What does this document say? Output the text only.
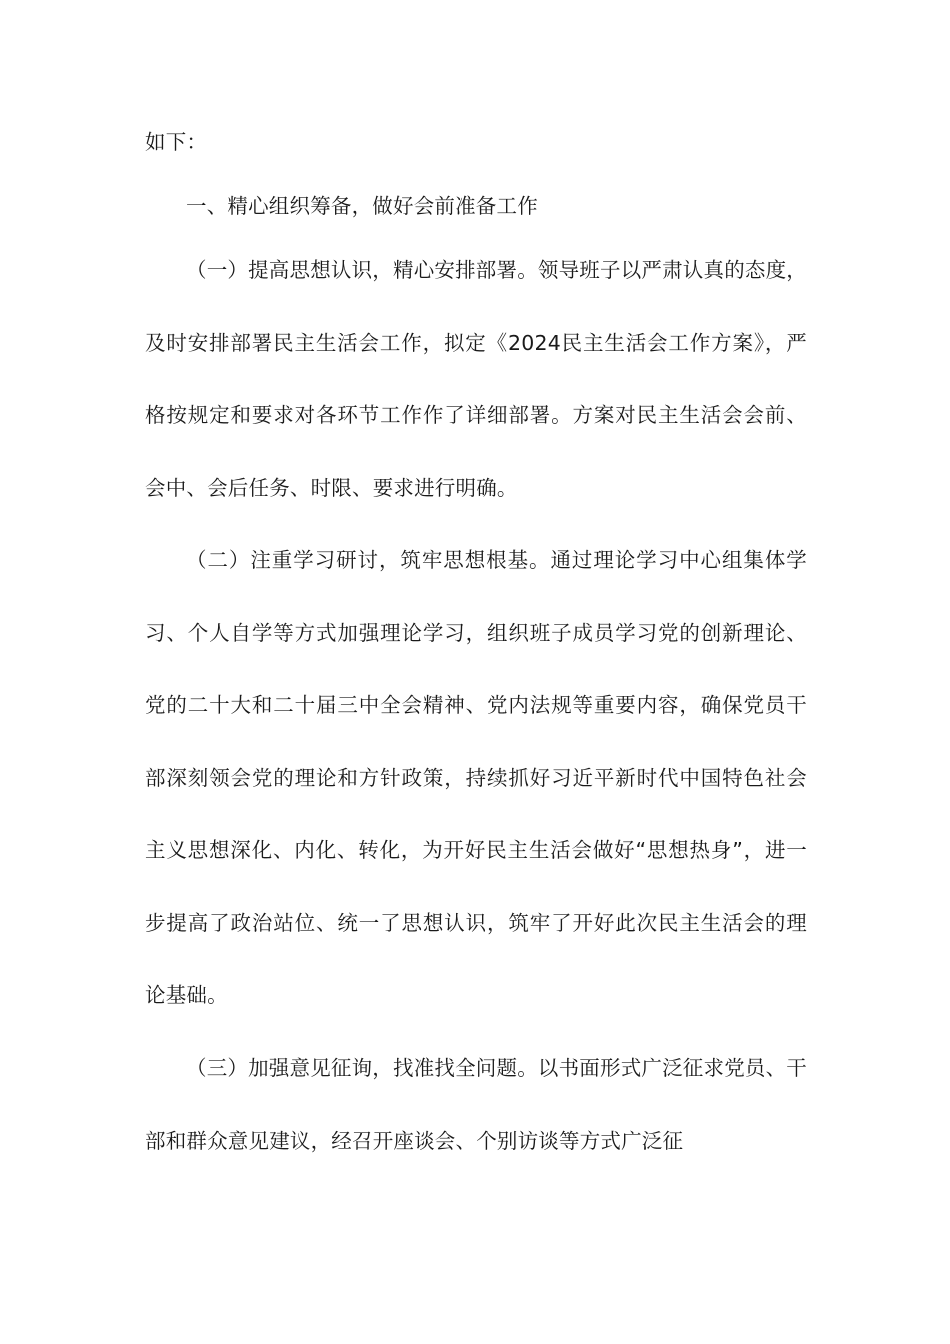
如下：
一、精心组织筹备，做好会前准备工作
（一）提高思想认识，精心安排部署。领导班子以严肃认真的态度，及时安排部署民主生活会工作，拟定《2024民主生活会工作方案》，严格按规定和要求对各环节工作作了详细部署。方案对民主生活会会前、会中、会后任务、时限、要求进行明确。
（二）注重学习研讨，筑牢思想根基。通过理论学习中心组集体学习、个人自学等方式加强理论学习，组织班子成员学习党的创新理论、党的二十大和二十届三中全会精神、党内法规等重要内容，确保党员干部深刻领会党的理论和方针政策，持续抓好习近平新时代中国特色社会主义思想深化、内化、转化，为开好民主生活会做好“思想热身”，进一步提高了政治站位、统一了思想认识，筑牢了开好此次民主生活会的理论基础。
（三）加强意见征询，找准找全问题。以书面形式广泛征求党员、干部和群众意见建议，经召开座谈会、个别访谈等方式广泛征
